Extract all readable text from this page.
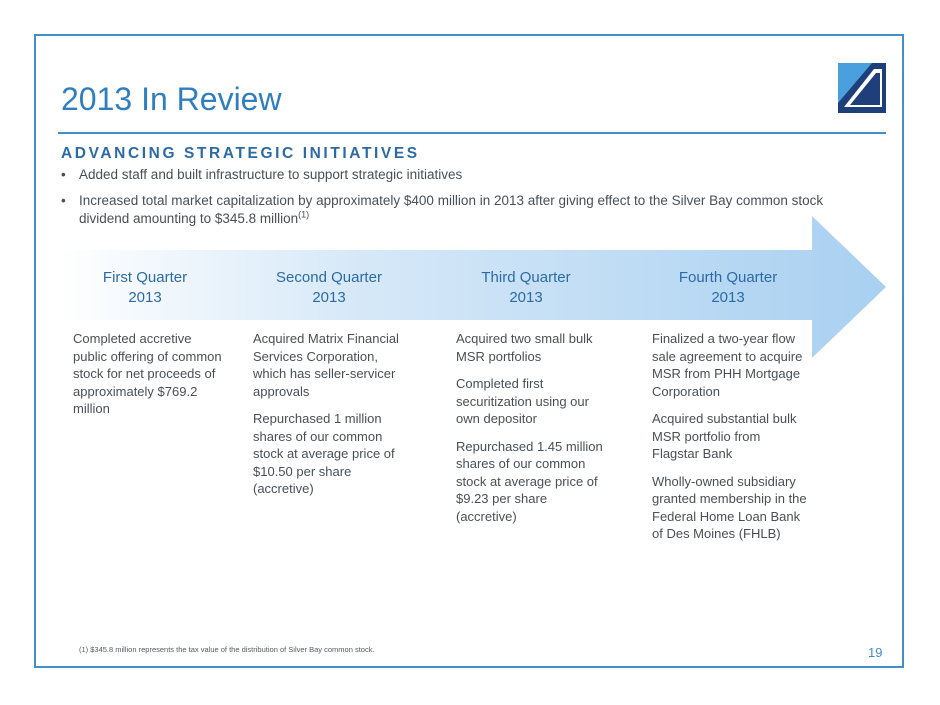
2013 In Review
ADVANCING STRATEGIC INITIATIVES
• Added staff and built infrastructure to support strategic initiatives
• Increased total market capitalization by approximately $400 million in 2013 after giving effect to the Silver Bay common stock dividend amounting to $345.8 million$^{(1)}$
First Quarter
2013
Second Quarter
2013
Third Quarter
2013
Fourth Quarter
2013

Completed accretive public offering of common stock for net proceeds of approximately $769.2 million

Acquired Matrix Financial Services Corporation, which has seller-servicer approvals

Repurchased 1 million shares of our common stock at average price of $10.50 per share (accretive)

Acquired two small bulk MSR portfolios

Completed first securitization using our own depositor

Repurchased 1.45 million shares of our common stock at average price of $9.23 per share (accretive)

Finalized a two-year flow sale agreement to acquire MSR from PHH Mortgage Corporation

Acquired substantial bulk MSR portfolio from Flagstar Bank

Wholly-owned subsidiary granted membership in the Federal Home Loan Bank of Des Moines (FHLB)

(1) $345.8 million represents the tax value of the distribution of Silver Bay common stock.	19
